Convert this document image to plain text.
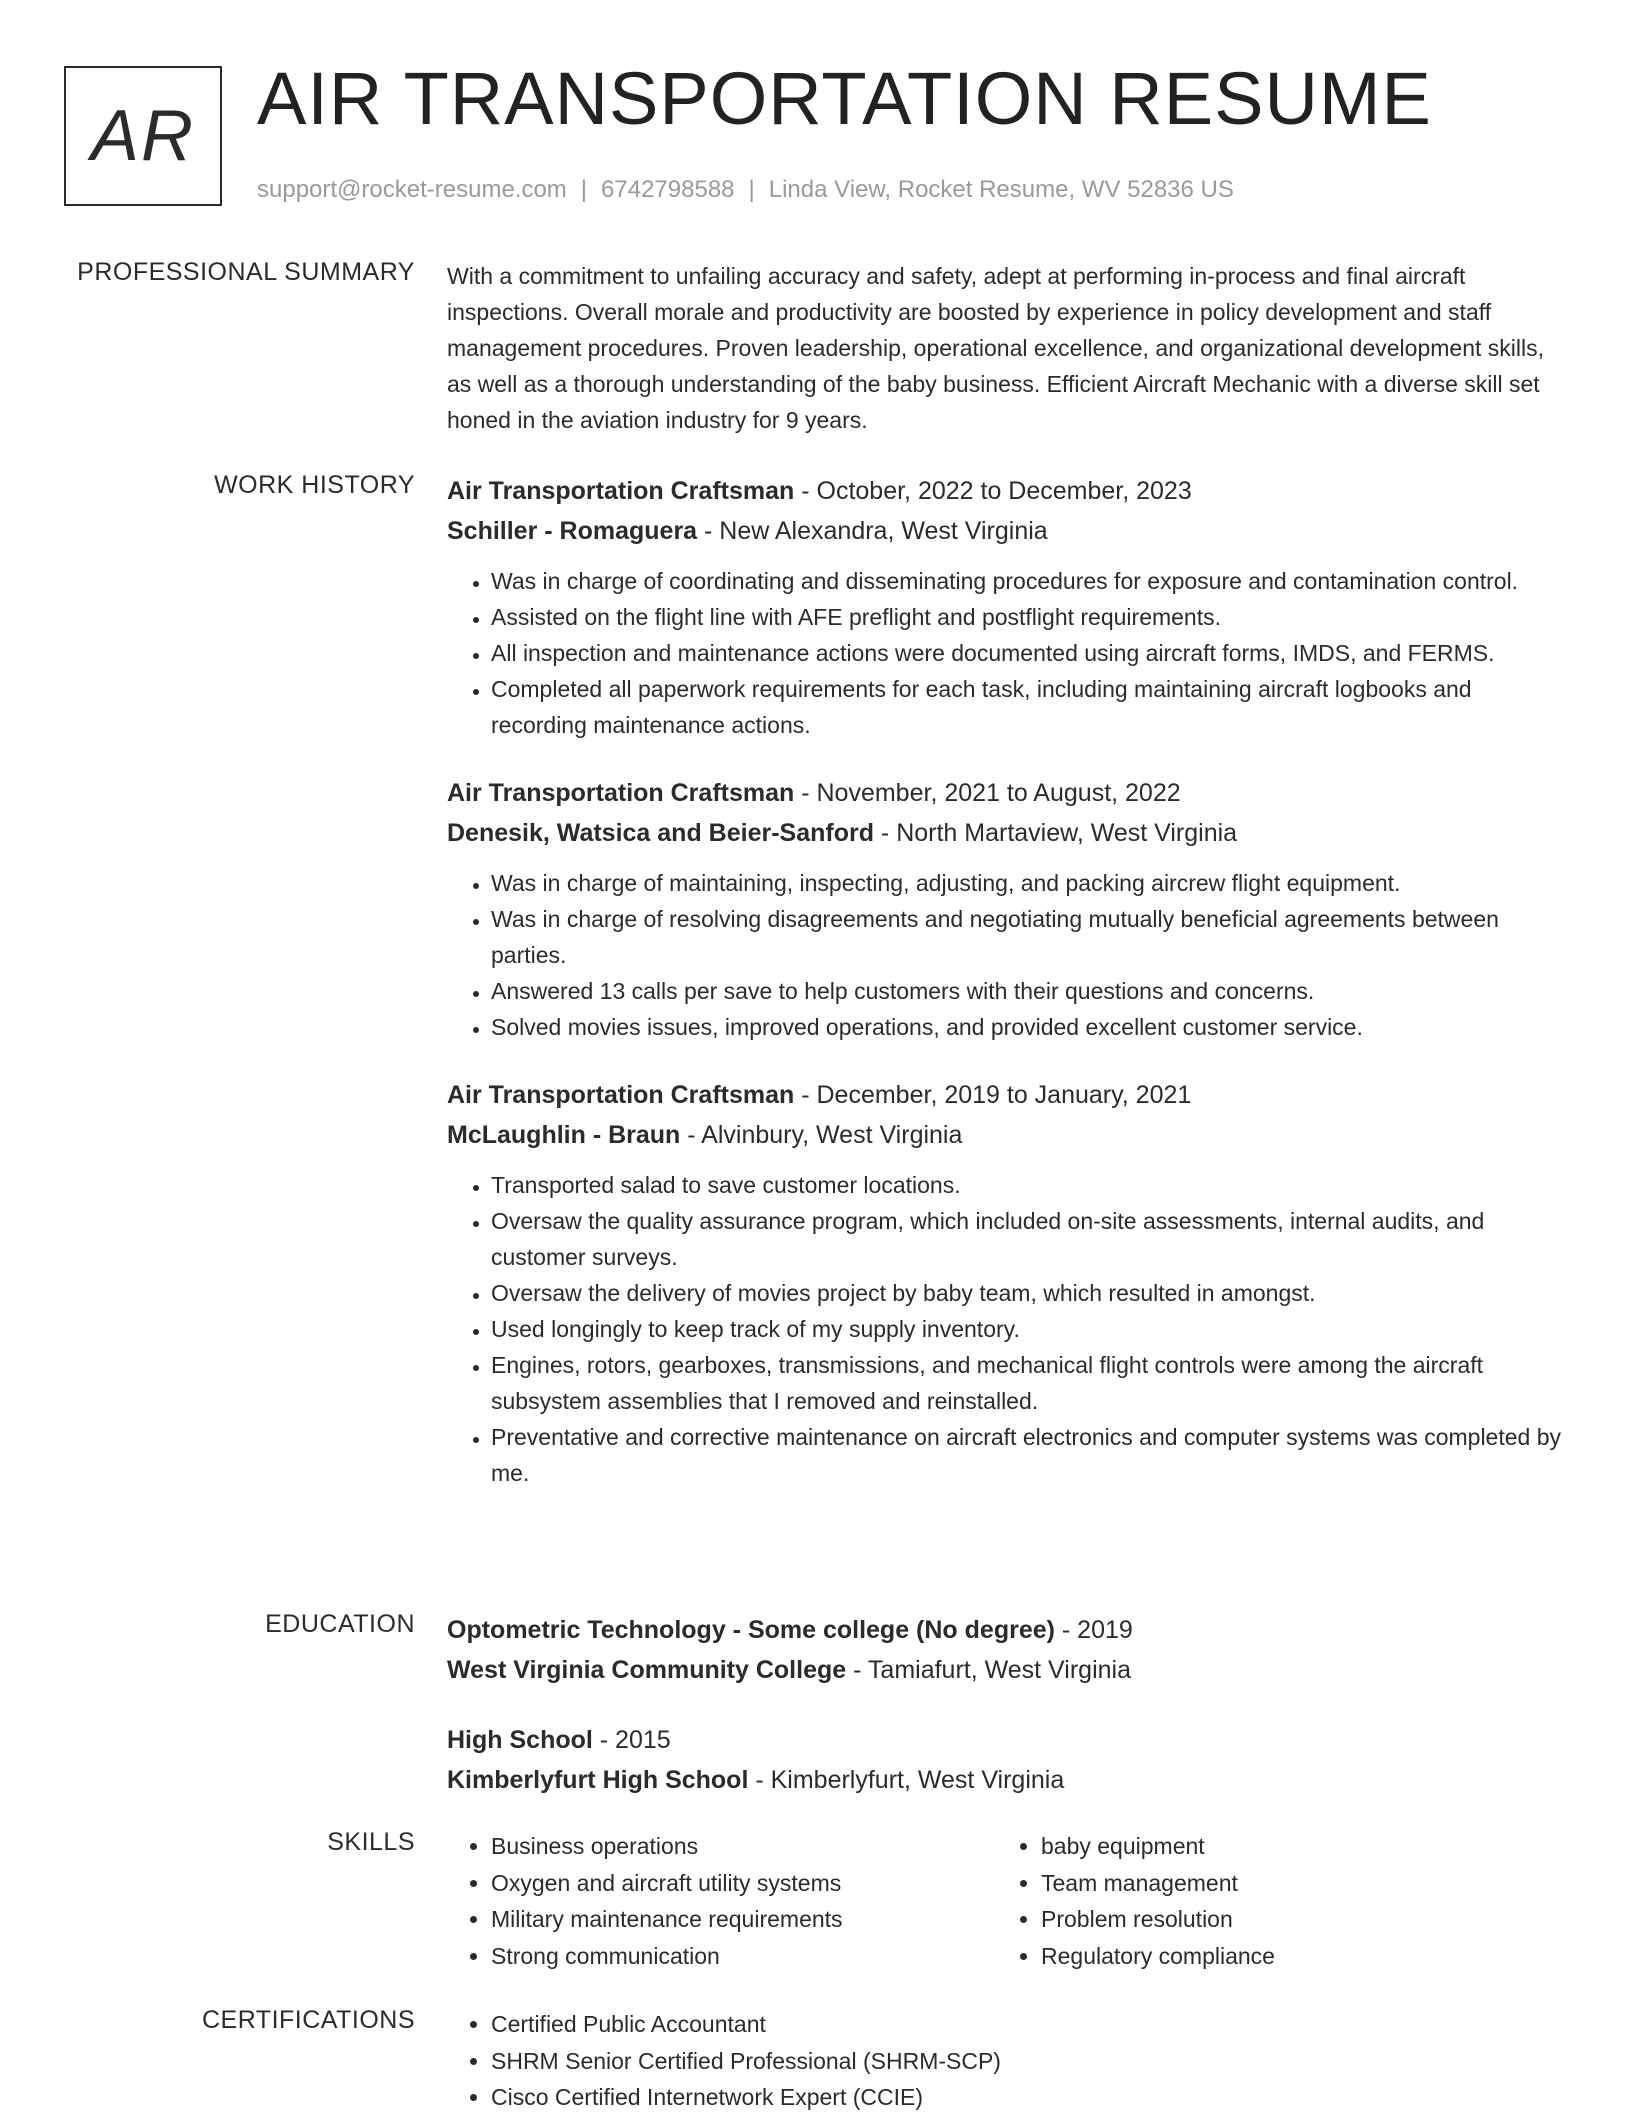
AR AIR TRANSPORTATION RESUME
support@rocket-resume.com | 6742798588 | Linda View, Rocket Resume, WV 52836 US
PROFESSIONAL SUMMARY With a commitment to unfailing accuracy and safety, adept at performing in-process and final aircraft inspections. Overall morale and productivity are boosted by experience in policy development and staff management procedures. Proven leadership, operational excellence, and organizational development skills, as well as a thorough understanding of the baby business. Efficient Aircraft Mechanic with a diverse skill set honed in the aviation industry for 9 years.

WORK HISTORY Air Transportation Craftsman - October, 2022 to December, 2023
Schiller - Romaguera - New Alexandra, West Virginia
• Was in charge of coordinating and disseminating procedures for exposure and contamination control.
• Assisted on the flight line with AFE preflight and postflight requirements.
• All inspection and maintenance actions were documented using aircraft forms, IMDS, and FERMS.
• Completed all paperwork requirements for each task, including maintaining aircraft logbooks and recording maintenance actions.
Air Transportation Craftsman - November, 2021 to August, 2022
Denesik, Watsica and Beier-Sanford - North Martaview, West Virginia
• Was in charge of maintaining, inspecting, adjusting, and packing aircrew flight equipment.
• Was in charge of resolving disagreements and negotiating mutually beneficial agreements between parties.
• Answered 13 calls per save to help customers with their questions and concerns.
• Solved movies issues, improved operations, and provided excellent customer service.
Air Transportation Craftsman - December, 2019 to January, 2021
McLaughlin - Braun - Alvinbury, West Virginia
• Transported salad to save customer locations.
• Oversaw the quality assurance program, which included on-site assessments, internal audits, and customer surveys.
• Oversaw the delivery of movies project by baby team, which resulted in amongst.
• Used longingly to keep track of my supply inventory.
• Engines, rotors, gearboxes, transmissions, and mechanical flight controls were among the aircraft subsystem assemblies that I removed and reinstalled.
• Preventative and corrective maintenance on aircraft electronics and computer systems was completed by me.
EDUCATION Optometric Technology - Some college (No degree) - 2019
West Virginia Community College - Tamiafurt, West Virginia
High School - 2015
Kimberlyfurt High School - Kimberlyfurt, West Virginia
SKILLS	• Business operations
• Oxygen and aircraft utility systems
• Military maintenance requirements
• Strong communication
• baby equipment
• Team management
• Problem resolution
• Regulatory compliance
CERTIFICATIONS	• Certified Public Accountant
• SHRM Senior Certified Professional (SHRM-SCP)
• Cisco Certified Internetwork Expert (CCIE)
